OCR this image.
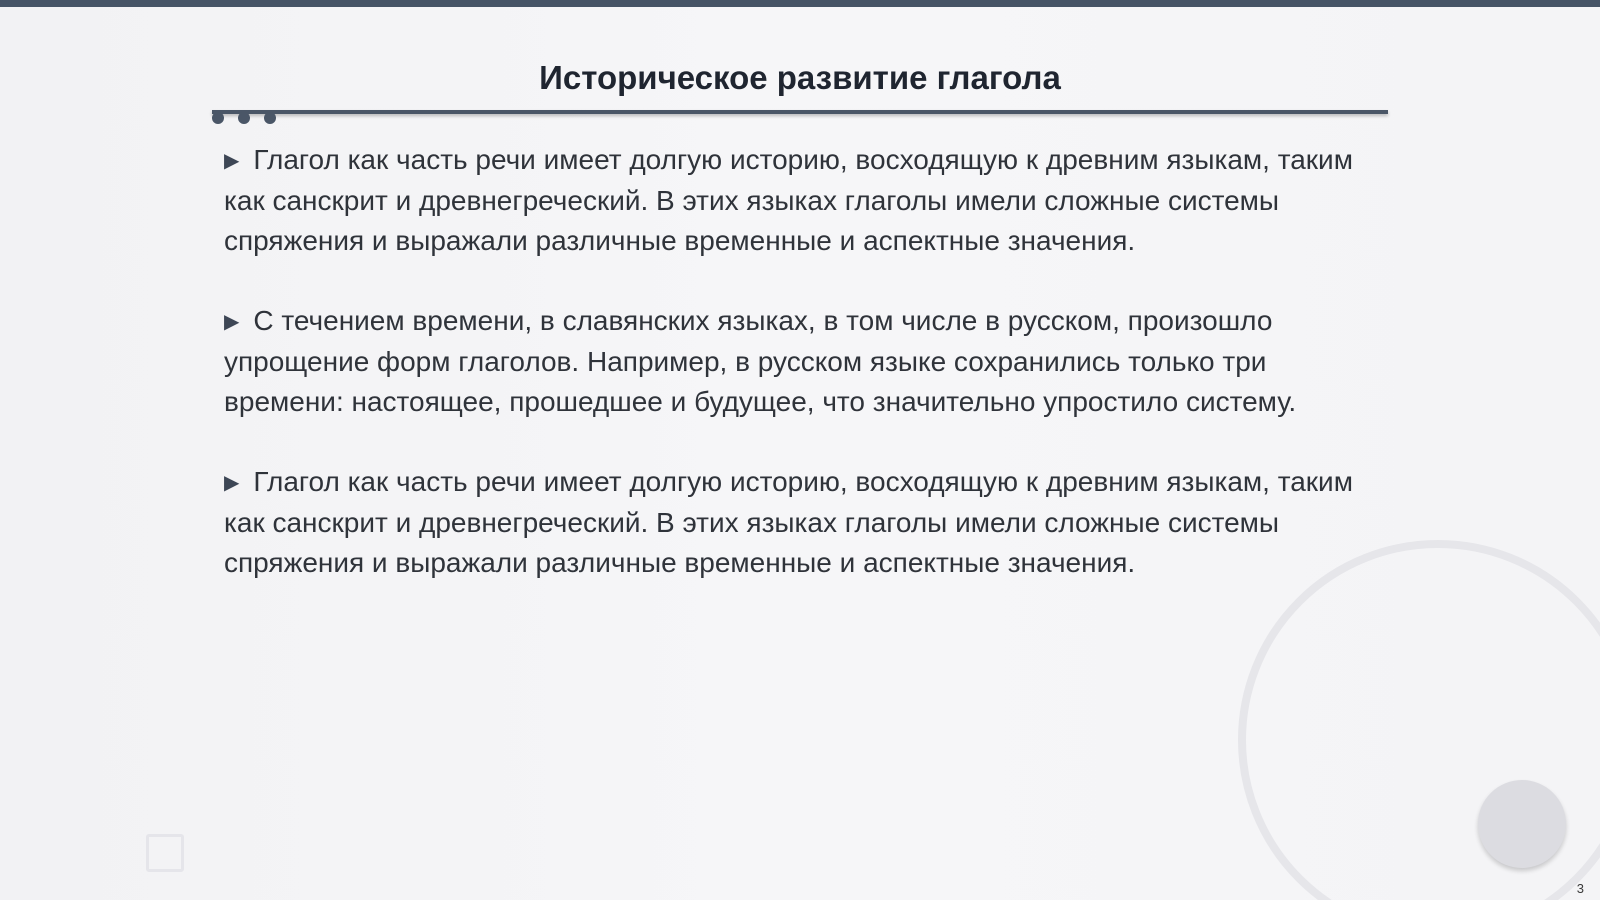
Историческое развитие глагола

▶ Глагол как часть речи имеет долгую историю, восходящую к древним языкам, таким как санскрит и древнегреческий. В этих языках глаголы имели сложные системы спряжения и выражали различные временные и аспектные значения.

▶ С течением времени, в славянских языках, в том числе в русском, произошло упрощение форм глаголов. Например, в русском языке сохранились только три времени: настоящее, прошедшее и будущее, что значительно упростило систему.

▶ Глагол как часть речи имеет долгую историю, восходящую к древним языкам, таким как санскрит и древнегреческий. В этих языках глаголы имели сложные системы спряжения и выражали различные временные и аспектные значения.

3
